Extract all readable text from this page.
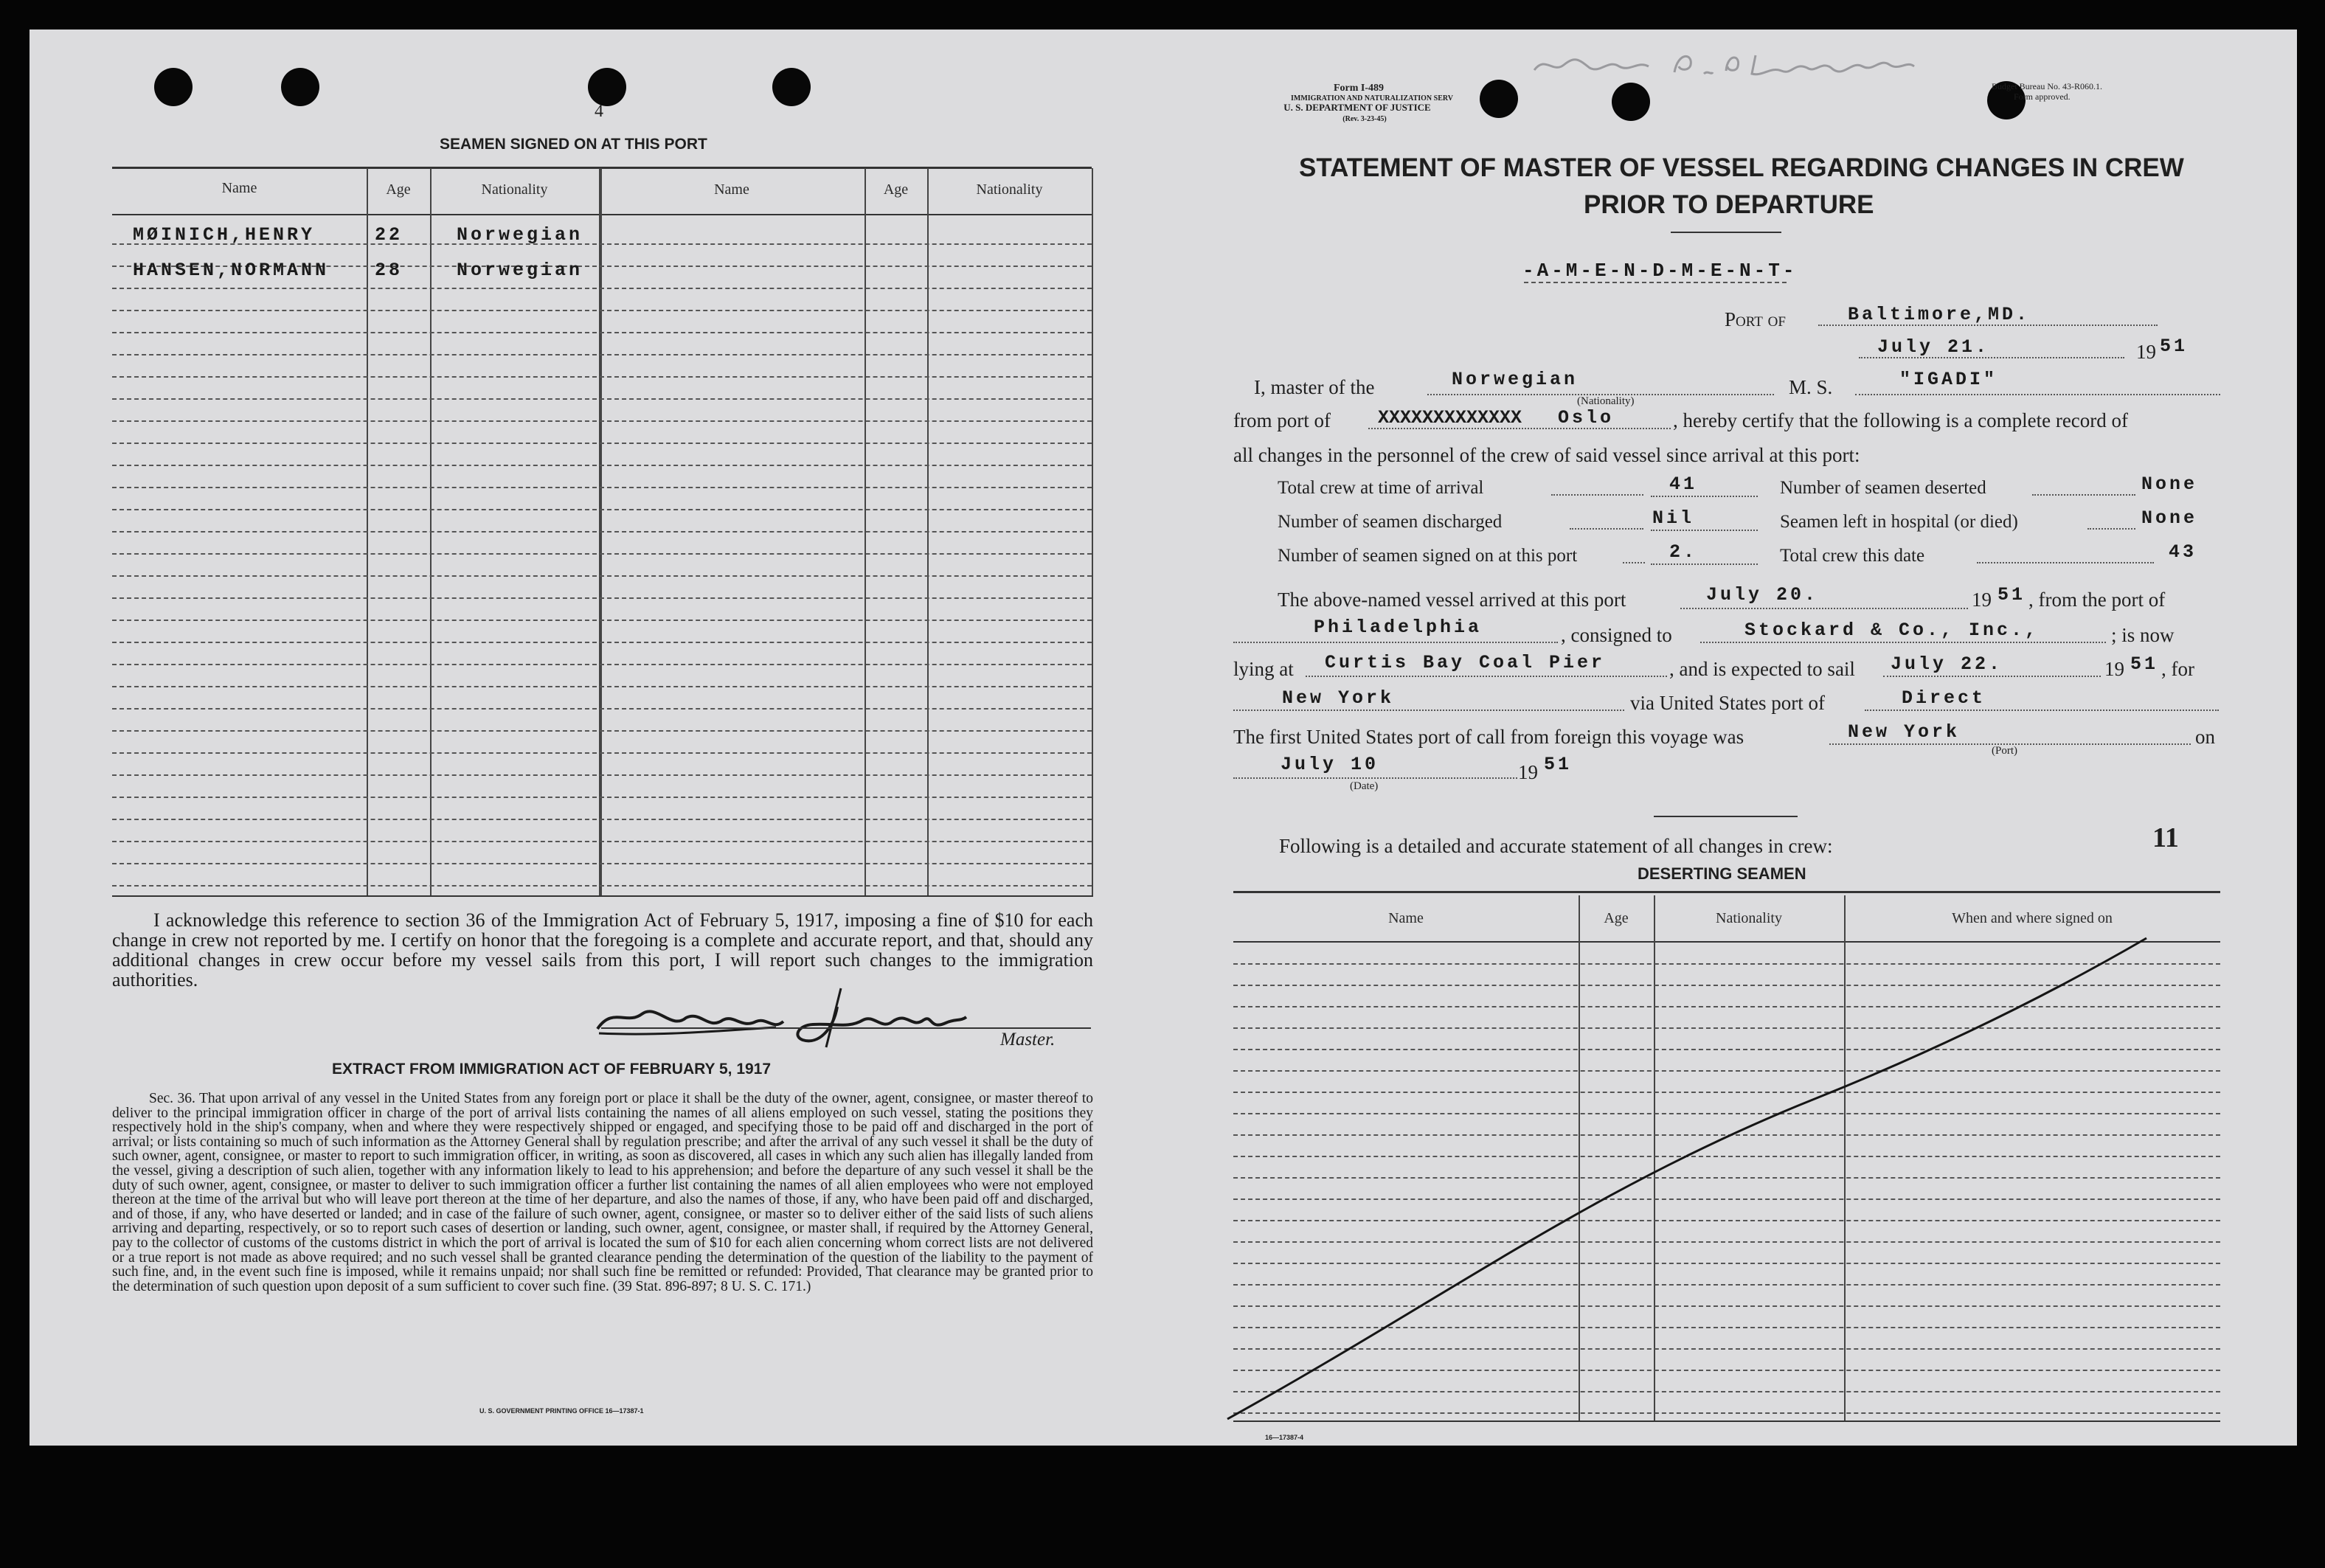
4
SEAMEN SIGNED ON AT THIS PORT
Name	Age	Nationality	Name	Age	Nationality
MØINICH,HENRY	22	Norwegian
HANSEN,NORMANN 28	Norwegian
I acknowledge this reference to section 36 of the Immigration Act of February 5, 1917, imposing a fine of $10 for each change in crew not reported by me. I certify on honor that the foregoing is a complete and accurate report, and that, should any additional changes in crew occur before my vessel sails from this port, I will report such changes to the immigration authorities.
Master.
EXTRACT FROM IMMIGRATION ACT OF FEBRUARY 5, 1917
Sec. 36. That upon arrival of any vessel in the United States from any foreign port or place it shall be the duty of the owner, agent, consignee, or master thereof to deliver to the principal immigration officer in charge of the port of arrival lists containing the names of all aliens employed on such vessel, stating the positions they respectively hold in the ship's company, when and where they were respectively shipped or engaged, and specifying those to be paid off and discharged in the port of arrival; or lists containing so much of such information as the Attorney General shall by regulation prescribe; and after the arrival of any such vessel it shall be the duty of such owner, agent, consignee, or master to report to such immigration officer, in writing, as soon as discovered, all cases in which any such alien has illegally landed from the vessel, giving a description of such alien, together with any information likely to lead to his apprehension; and before the departure of any such vessel it shall be the duty of such owner, agent, consignee, or master to deliver to such immigration officer a further list containing the names of all alien employees who were not employed thereon at the time of the arrival but who will leave port thereon at the time of her departure, and also the names of those, if any, who have been paid off and discharged, and of those, if any, who have deserted or landed; and in case of the failure of such owner, agent, consignee, or master so to deliver either of the said lists of such aliens arriving and departing, respectively, or so to report such cases of desertion or landing, such owner, agent, consignee, or master shall, if required by the Attorney General, pay to the collector of customs of the customs district in which the port of arrival is located the sum of $10 for each alien concerning whom correct lists are not delivered or a true report is not made as above required; and no such vessel shall be granted clearance pending the determination of the question of the liability to the payment of such fine, and, in the event such fine is imposed, while it remains unpaid; nor shall such fine be remitted or refunded: Provided, That clearance may be granted prior to the determination of such question upon deposit of a sum sufficient to cover such fine. (39 Stat. 896-897; 8 U. S. C. 171.)
U. S. GOVERNMENT PRINTING OFFICE 16—17387-1
Form I-489
IMMIGRATION AND NATURALIZATION SERV
U. S. DEPARTMENT OF JUSTICE
(Rev. 3-23-45)
Budget Bureau No. 43-R060.1.
Form approved.
STATEMENT OF MASTER OF VESSEL REGARDING CHANGES IN CREW
PRIOR TO DEPARTURE
-A-M-E-N-D-M-E-N-T-
Port of	Baltimore,MD.
July 21.	19 51
I, master of the	Norwegian
(Nationality)
M. S.	"IGADI"
from port of	XXXXXXXXXXXXX Oslo	, hereby certify that the following is a complete record of
all changes in the personnel of the crew of said vessel since arrival at this port:
Total crew at time of arrival	41
Number of seamen discharged	Nil
Number of seamen signed on at this port	2.
Number of seamen deserted	None
Seamen left in hospital (or died)	None
Total crew this date	43
The above-named vessel arrived at this port	July 20.	19 51 , from the port of
Philadelphia	, consigned to	Stockard & Co., Inc.,	; is now
lying at Curtis Bay Coal Pier	, and is expected to sail July 22.	19 51 , for
New York	via United States port of	Direct
The first United States port of call from foreign this voyage was	New York
(Port)
on
July 10
(Date)
19 51
Following is a detailed and accurate statement of all changes in crew:	11
DESERTING SEAMEN
Name	Age	Nationality	When and where signed on
16—17387-4
